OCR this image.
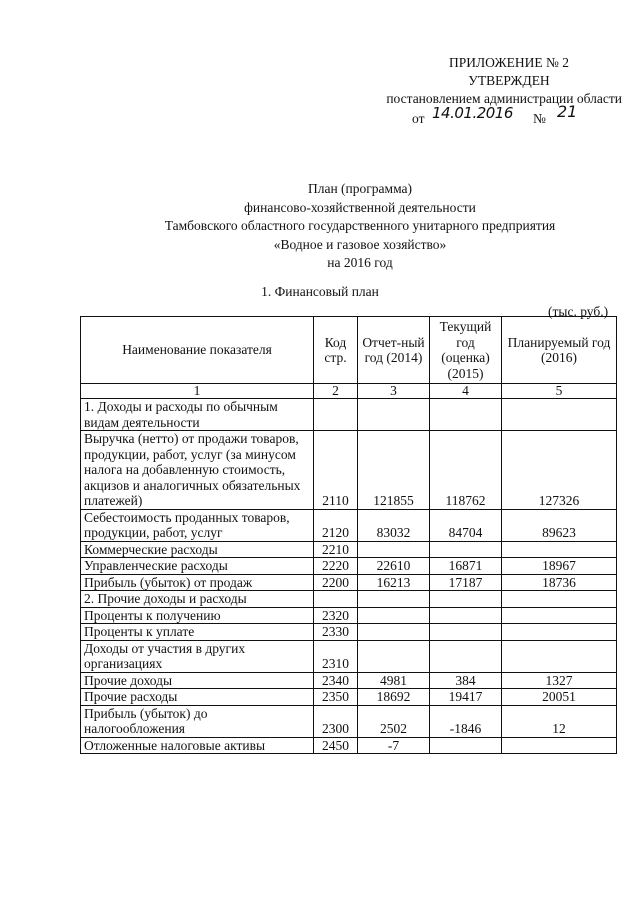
ПРИЛОЖЕНИЕ № 2
УТВЕРЖДЕН
постановлением администрации области
от 14.01.2016 № 21
План (программа)
финансово-хозяйственной деятельности
Тамбовского областного государственного унитарного предприятия
«Водное и газовое хозяйство»
на 2016 год
1. Финансовый план
(тыс. руб.)
Наименование показателя	Код стр.	Отчет-ный год (2014)	Текущий год (оценка) (2015)	Планируемый год (2016)
1	2	3	4	5
1. Доходы и расходы по обычным видам деятельности				
Выручка (нетто) от продажи товаров, продукции, работ, услуг (за минусом налога на добавленную стоимость, акцизов и аналогичных обязательных платежей)	2110	121855	118762	127326
Себестоимость проданных товаров, продукции, работ, услуг	2120	83032	84704	89623
Коммерческие расходы	2210			
Управленческие расходы	2220	22610	16871	18967
Прибыль (убыток) от продаж	2200	16213	17187	18736
2. Прочие доходы и расходы				
Проценты к получению	2320			
Проценты к уплате	2330			
Доходы от участия в других организациях	2310			
Прочие доходы	2340	4981	384	1327
Прочие расходы	2350	18692	19417	20051
Прибыль (убыток) до налогообложения	2300	2502	-1846	12
Отложенные налоговые активы	2450	-7		
